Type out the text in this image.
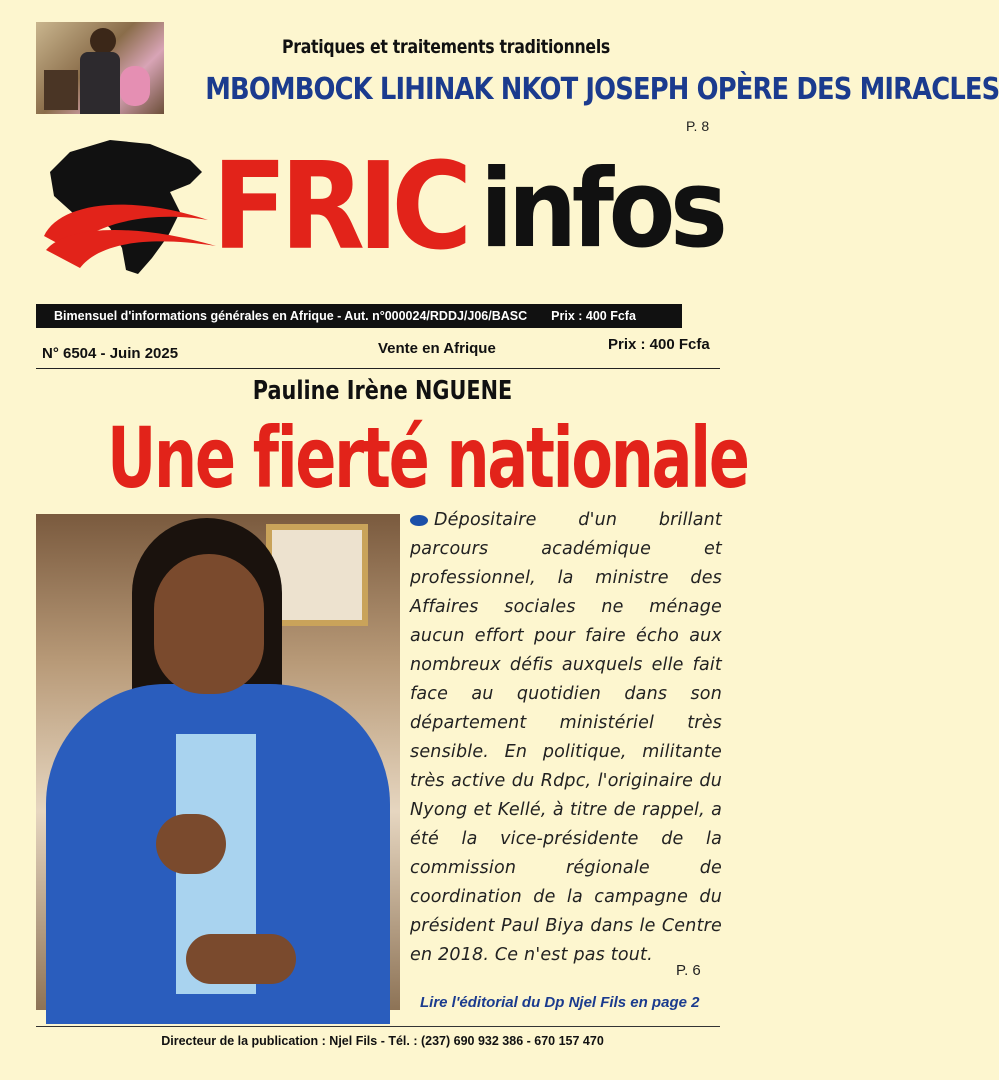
Pratiques et traitements traditionnels
MBOMBOCK LIHINAK NKOT JOSEPH OPÈRE DES MIRACLES
P. 8
FRIC infos
Bimensuel d'informations générales en Afrique - Aut. n°000024/RDDJ/J06/BASC Prix : 400 Fcfa
N° 6504 - Juin 2025	Vente en Afrique	Prix : 400 Fcfa
Pauline Irène NGUENE
Une fierté nationale
Dépositaire d'un brillant parcours académique et professionnel, la ministre des Affaires sociales ne ménage aucun effort pour faire écho aux nombreux défis auxquels elle fait face au quotidien dans son département ministériel très sensible. En politique, militante très active du Rdpc, l'originaire du Nyong et Kellé, à titre de rappel, a été la vice-présidente de la commission régionale de coordination de la campagne du président Paul Biya dans le Centre en 2018. Ce n'est pas tout.
P. 6
Lire l'éditorial du Dp Njel Fils en page 2
Directeur de la publication : Njel Fils - Tél. : (237) 690 932 386 - 670 157 470
